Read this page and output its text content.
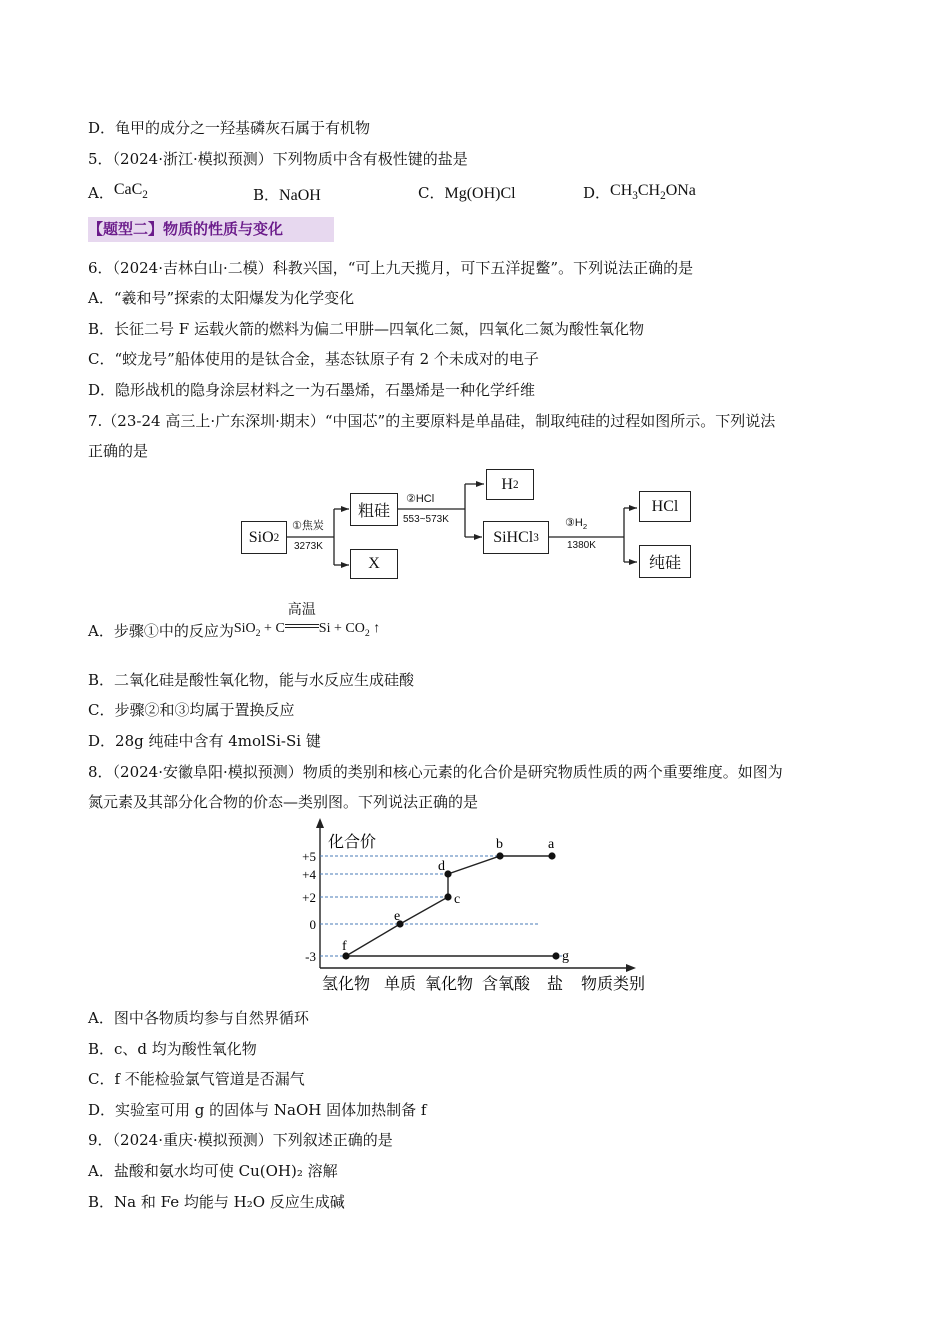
D．龟甲的成分之一羟基磷灰石属于有机物
5．（2024·浙江·模拟预测）下列物质中含有极性键的盐是
A．CaC$_2$	B．NaOH	C．Mg(OH)Cl	D．$CH_3CH_2ONa$
【题型二】物质的性质与变化
6．（2024·吉林白山·二模）科教兴国，“可上九天揽月，可下五洋捉鳖”。下列说法正确的是
A．“羲和号”探索的太阳爆发为化学变化
B．长征二号 F 运载火箭的燃料为偏二甲肼—四氧化二氮，四氧化二氮为酸性氧化物
C．“蛟龙号”船体使用的是钛合金，基态钛原子有 2 个未成对的电子
D．隐形战机的隐身涂层材料之一为石墨烯，石墨烯是一种化学纤维
7.（23-24 高三上·广东深圳·期末）“中国芯”的主要原料是单晶硅，制取纯硅的过程如图所示。下列说法
正确的是
SiO 2
①焦炭
3273K
粗硅
X
②HCl
553~573K
H 2
SiHCl 3
$③H_2$
1380K
HCl
纯硅
A．步骤①中的反应为SiO$_2$ + C
高温
$Si + CO_2$ ↑
B．二氧化硅是酸性氧化物，能与水反应生成硅酸
C．步骤②和③均属于置换反应
D．28g 纯硅中含有 4molSi-Si 键
8．（2024·安徽阜阳·模拟预测）物质的类别和核心元素的化合价是研究物质性质的两个重要维度。如图为
氮元素及其部分化合物的价态—类别图。下列说法正确的是
化合价
物质类别
+5
+4
+2
0
-3
氢化物 单质 氧化物 含氧酸 盐
f
e
c
d
b	a
g
A．图中各物质均参与自然界循环
B．c、d 均为酸性氧化物
C．f 不能检验氯气管道是否漏气
D．实验室可用 g 的固体与 NaOH 固体加热制备 f
9．（2024·重庆·模拟预测）下列叙述正确的是
A．盐酸和氨水均可使 Cu(OH)₂ 溶解
B．Na 和 Fe 均能与 H₂O 反应生成碱
